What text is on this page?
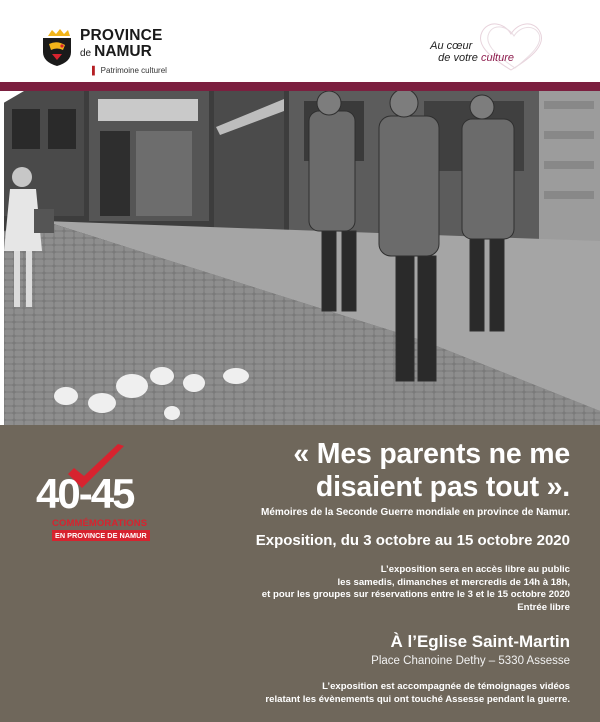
PROVINCE
de NAMUR
▌ Patrimoine culturel
Au cœur
de votre culture
40-45
COMMÉMORATIONS
EN PROVINCE DE NAMUR
« Mes parents ne me
disaient pas tout ».
Mémoires de la Seconde Guerre mondiale en province de Namur.
Exposition, du 3 octobre au 15 octobre 2020
L’exposition sera en accès libre au public
les samedis, dimanches et mercredis de 14h à 18h,
et pour les groupes sur réservations entre le 3 et le 15 octobre 2020
Entrée libre
À l’Eglise Saint-Martin
Place Chanoine Dethy – 5330 Assesse
L’exposition est accompagnée de témoignages vidéos
relatant les évènements qui ont touché Assesse pendant la guerre.
